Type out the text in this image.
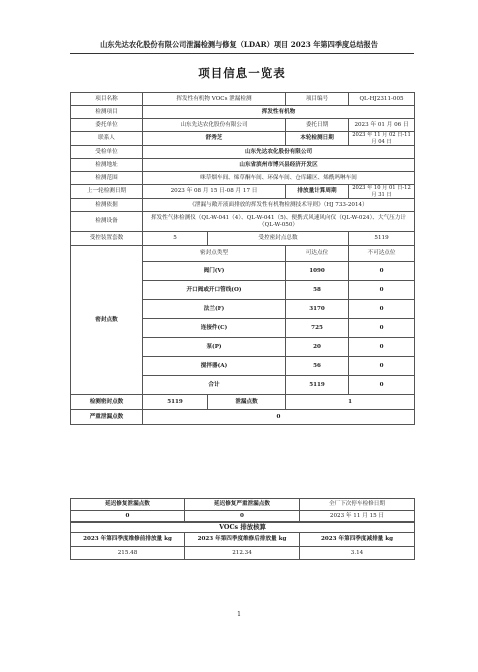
山东先达农化股份有限公司泄漏检测与修复（LDAR）项目 2023 年第四季度总结报告
项目信息一览表
项目名称	挥发性有机物 VOCs 泄漏检测		项目编号	QL-HJ2311-005
检测项目	挥发性有机物			
委托单位	山东先达农化股份有限公司		委托日期	2023 年 01 月 06 日
联系人	舒秀芝		本轮检测日期	2023 年 11 月 02 日-11 月 04 日
受检单位	山东先达农化股份有限公司			
检测地址	山东省滨州市博兴县经济开发区			
检测范围	咪草烟车间、烯草酮车间、环保车间、仓库罐区、烯酰吗啉车间			
上一轮检测日期	2023 年 08 月 15 日-08 月 17 日		排放量计算周期	2023 年 10 月 01 日-12 月 31 日
检测依据	《泄漏与敞开液面排放的挥发性有机物检测技术导则》（HJ 733-2014）			
检测设备	挥发性气体检测仪（QL-W-041（4）、QL-W-041（5)、便携式风速风向仪（QL-W-024）、大气压力计（QL-W-050）			
受控装置套数	5	受控密封点总数		5119
密封点数	密封点类型		可达点位	不可达点位
	阀门(V)		1090	0
	开口阀或开口管线(O)		58	0
	法兰(F)		3170	0
	连接件(C)		725	0
	泵(P)		20	0
	搅拌器(A)		56	0
	合计		5119	0
检测密封点数	5119	泄漏点数	1	
严重泄漏点数	0			
延迟修复泄漏点数	延迟修复严重泄漏点数	全厂下次停车检修日期
0	0	2023 年 11 月 15 日
VOCs 排放核算		
2023 年第四季度维修前排放量 kg	2023 年第四季度维修后排放量 kg	2023 年第四季度减排量 kg
215.48	212.34	3.14
1
